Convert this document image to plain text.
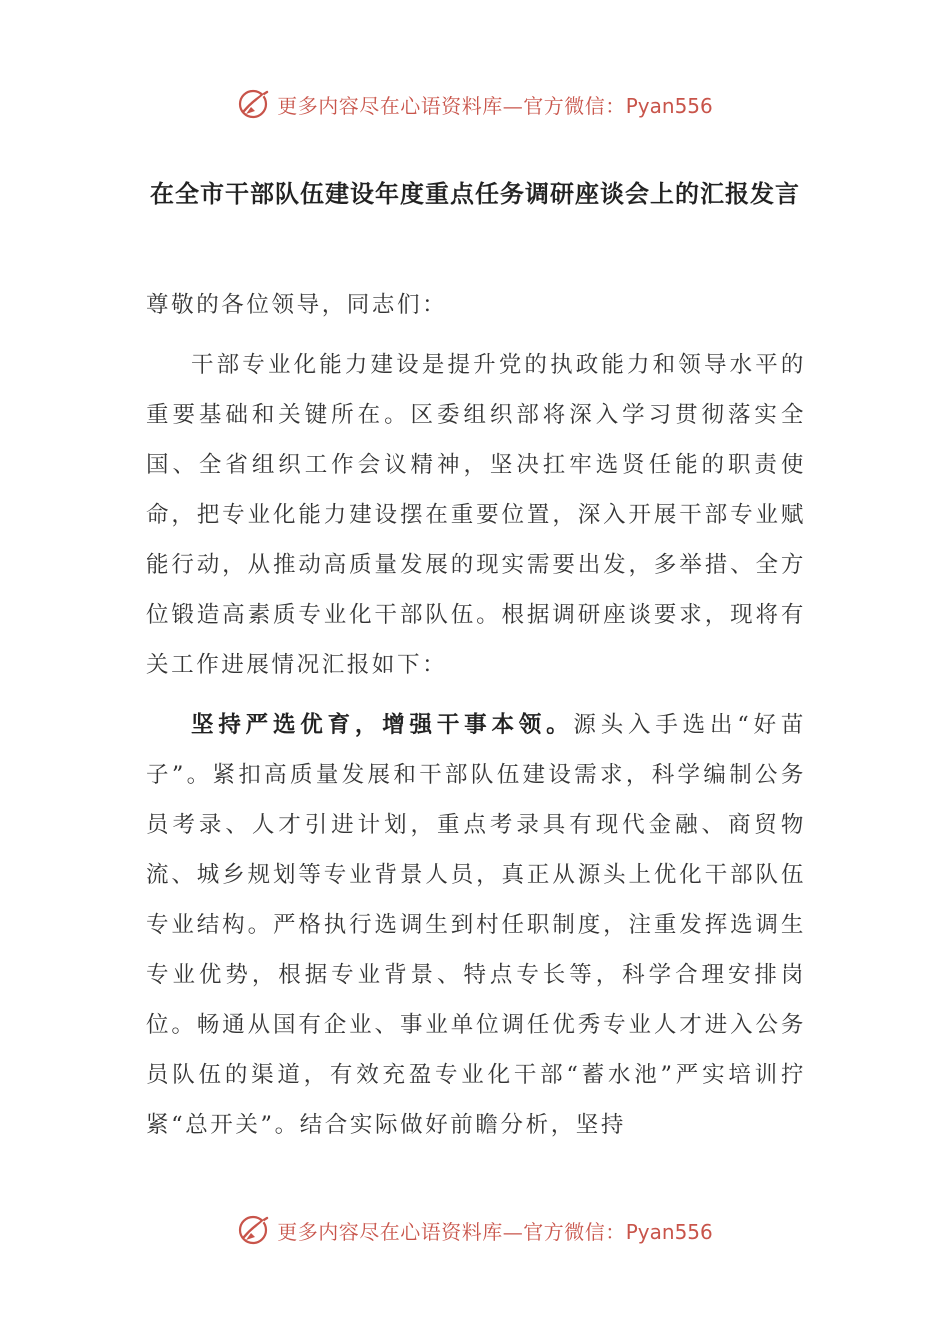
更多内容尽在心语资料库— 官方微信： Pyan556
在全市干部队伍建设年度重点任务调研座谈会上的汇报发言

尊敬的各位领导，同志们：

干部专业化能力建设是提升党的执政能力和领导水平的重要基础和关键所在。区委组织部将深入学习贯彻落实全国、全省组织工作会议精神，坚决扛牢选贤任能的职责使命，把专业化能力建设摆在重要位置，深入开展干部专业赋能行动，从推动高质量发展的现实需要出发，多举措、全方位锻造高素质专业化干部队伍。根据调研座谈要求，现将有关工作进展情况汇报如下：

坚持严选优育，增强干事本领。源头入手选出“好苗子”。紧扣高质量发展和干部队伍建设需求，科学编制公务员考录、人才引进计划，重点考录具有现代金融、商贸物流、城乡规划等专业背景人员，真正从源头上优化干部队伍专业结构。严格执行选调生到村任职制度，注重发挥选调生专业优势，根据专业背景、特点专长等，科学合理安排岗位。畅通从国有企业、事业单位调任优秀专业人才进入公务员队伍的渠道，有效充盈专业化干部“蓄水池”严实培训拧紧“总开关”。结合实际做好前瞻分析，坚持

更多内容尽在心语资料库— 官方微信： Pyan556
